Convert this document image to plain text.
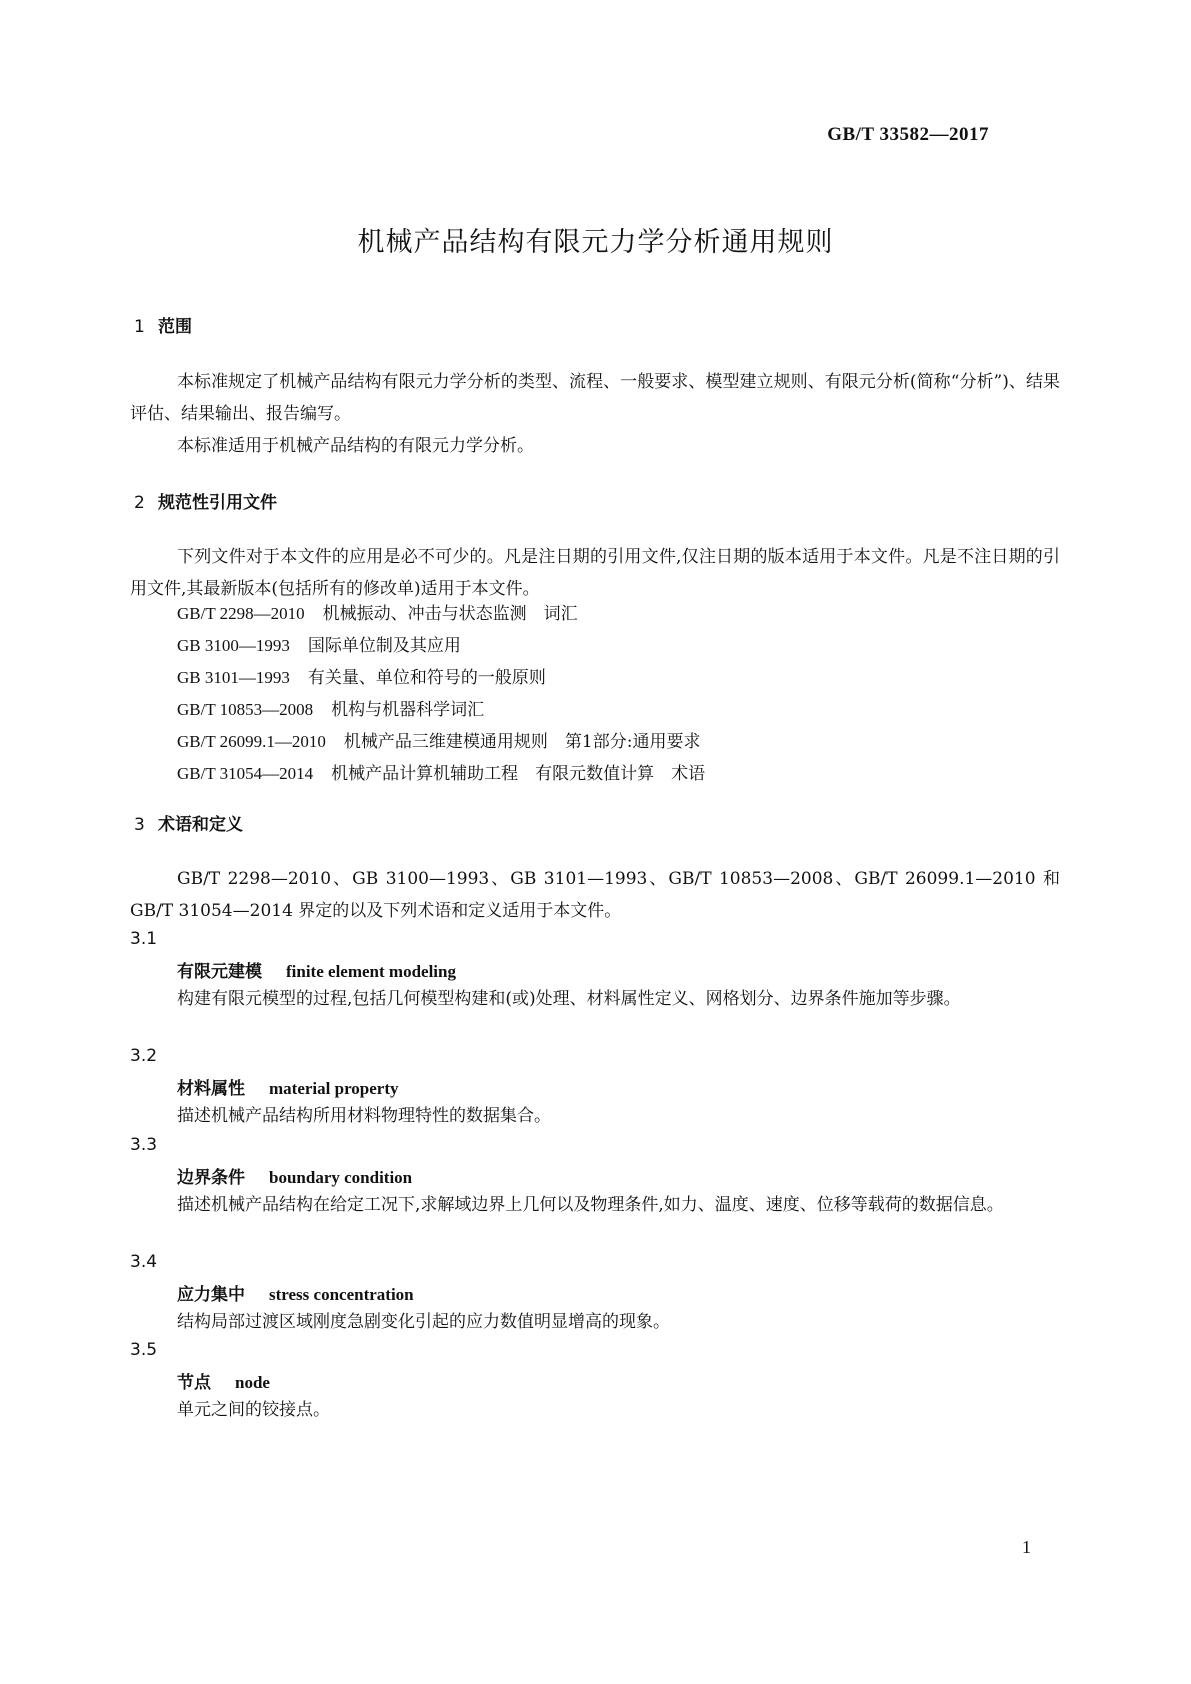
GB/T 33582—2017
机械产品结构有限元力学分析通用规则
1 范围

本标准规定了机械产品结构有限元力学分析的类型、流程、一般要求、模型建立规则、有限元分析(简称“分析”)、结果评估、结果输出、报告编写。

本标准适用于机械产品结构的有限元力学分析。

2 规范性引用文件

下列文件对于本文件的应用是必不可少的。凡是注日期的引用文件,仅注日期的版本适用于本文件。凡是不注日期的引用文件,其最新版本(包括所有的修改单)适用于本文件。

GB/T 2298—2010 机械振动、冲击与状态监测　词汇
GB 3100—1993 国际单位制及其应用
GB 3101—1993 有关量、单位和符号的一般原则
GB/T 10853—2008 机构与机器科学词汇
GB/T 26099.1—2010 机械产品三维建模通用规则　第1部分:通用要求
GB/T 31054—2014 机械产品计算机辅助工程　有限元数值计算　术语
3 术语和定义

GB/T 2298—2010、GB 3100—1993、GB 3101—1993、GB/T 10853—2008、GB/T 26099.1—2010 和 GB/T 31054—2014 界定的以及下列术语和定义适用于本文件。

3.1
有限元建模 finite element modeling

构建有限元模型的过程,包括几何模型构建和(或)处理、材料属性定义、网格划分、边界条件施加等步骤。

3.2
材料属性 material property

描述机械产品结构所用材料物理特性的数据集合。

3.3
边界条件 boundary condition

描述机械产品结构在给定工况下,求解域边界上几何以及物理条件,如力、温度、速度、位移等载荷的数据信息。

3.4
应力集中 stress concentration

结构局部过渡区域刚度急剧变化引起的应力数值明显增高的现象。

3.5
节点 node

单元之间的铰接点。

1
